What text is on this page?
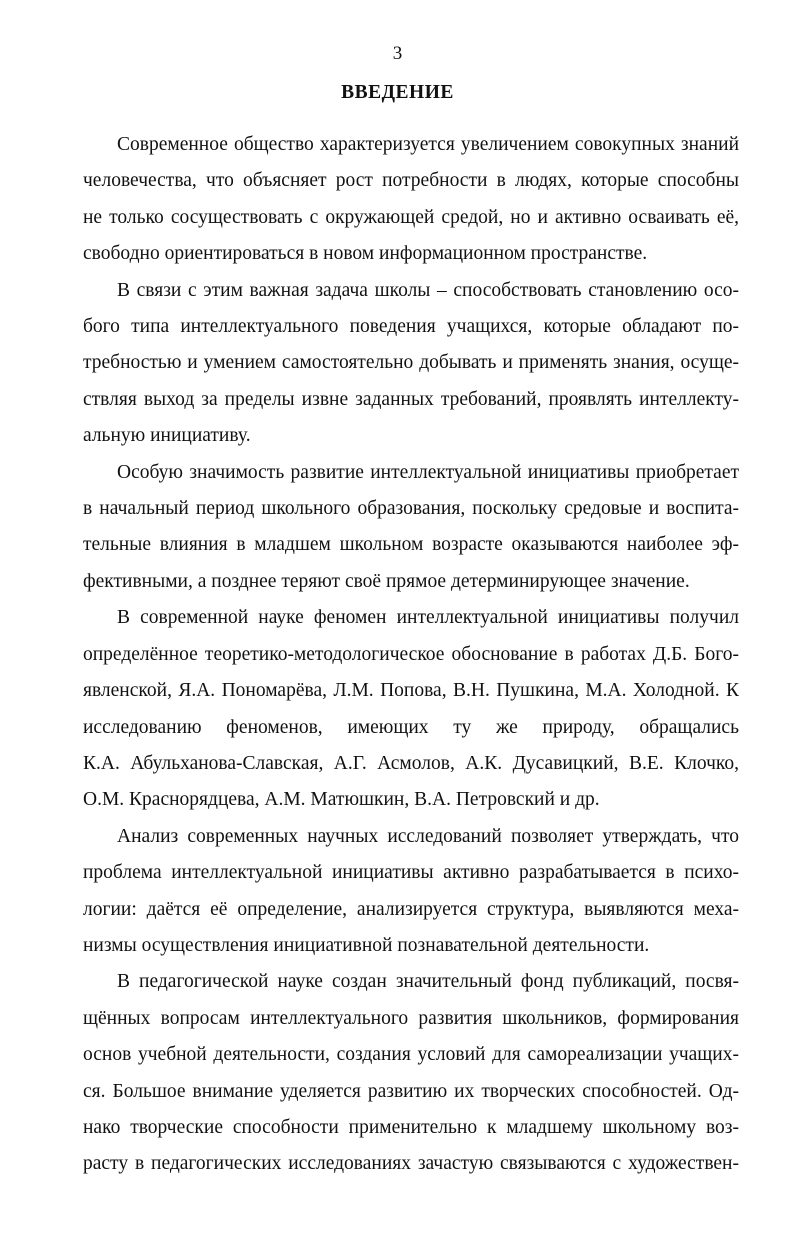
3
ВВЕДЕНИЕ
Современное общество характеризуется увеличением совокупных знаний
человечества, что объясняет рост потребности в людях, которые способны
не только сосуществовать с окружающей средой, но и активно осваивать её,
свободно ориентироваться в новом информационном пространстве.
В связи с этим важная задача школы – способствовать становлению осо-
бого типа интеллектуального поведения учащихся, которые обладают по-
требностью и умением самостоятельно добывать и применять знания, осуще-
ствляя выход за пределы извне заданных требований, проявлять интеллекту-
альную инициативу.
Особую значимость развитие интеллектуальной инициативы приобретает
в начальный период школьного образования, поскольку средовые и воспита-
тельные влияния в младшем школьном возрасте оказываются наиболее эф-
фективными, а позднее теряют своё прямое детерминирующее значение.
В современной науке феномен интеллектуальной инициативы получил
определённое теоретико-методологическое обоснование в работах Д.Б. Бого-
явленской, Я.А. Пономарёва, Л.М. Попова, В.Н. Пушкина, М.А. Холодной. К
исследованию феноменов, имеющих ту же природу, обращались
К.А. Абульханова-Славская, А.Г. Асмолов, А.К. Дусавицкий, В.Е. Клочко,
О.М. Краснорядцева, А.М. Матюшкин, В.А. Петровский и др.
Анализ современных научных исследований позволяет утверждать, что
проблема интеллектуальной инициативы активно разрабатывается в психо-
логии: даётся её определение, анализируется структура, выявляются меха-
низмы осуществления инициативной познавательной деятельности.
В педагогической науке создан значительный фонд публикаций, посвя-
щённых вопросам интеллектуального развития школьников, формирования
основ учебной деятельности, создания условий для самореализации учащих-
ся. Большое внимание уделяется развитию их творческих способностей. Од-
нако творческие способности применительно к младшему школьному воз-
расту в педагогических исследованиях зачастую связываются с художествен-
